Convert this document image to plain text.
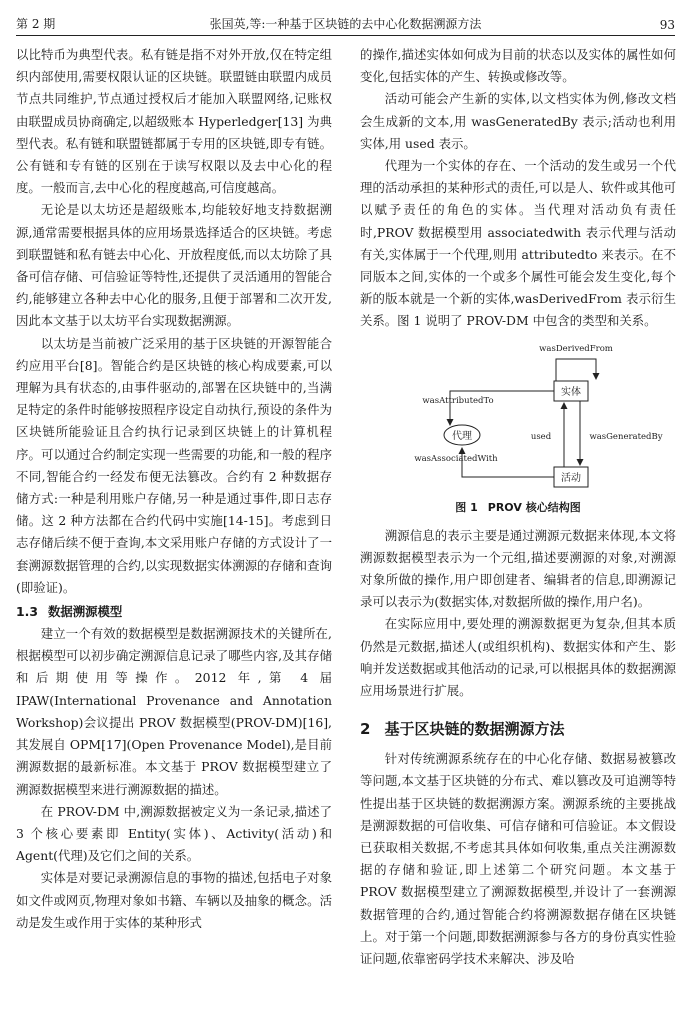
第 2 期	张国英,等:一种基于区块链的去中心化数据溯源方法	93

以比特币为典型代表。私有链是指不对外开放,仅在特定组织内部使用,需要权限认证的区块链。联盟链由联盟内成员节点共同维护,节点通过授权后才能加入联盟网络,记账权由联盟成员协商确定,以超级账本 Hyperledger[13] 为典型代表。私有链和联盟链都属于专用的区块链,即专有链。公有链和专有链的区别在于读写权限以及去中心化的程度。一般而言,去中心化的程度越高,可信度越高。

无论是以太坊还是超级账本,均能较好地支持数据溯源,通常需要根据具体的应用场景选择适合的区块链。考虑到联盟链和私有链去中心化、开放程度低,而以太坊除了具备可信存储、可信验证等特性,还提供了灵活通用的智能合约,能够建立各种去中心化的服务,且便于部署和二次开发,因此本文基于以太坊平台实现数据溯源。

以太坊是当前被广泛采用的基于区块链的开源智能合约应用平台[8]。智能合约是区块链的核心构成要素,可以理解为具有状态的,由事件驱动的,部署在区块链中的,当满足特定的条件时能够按照程序设定自动执行,预设的条件为区块链所能验证且合约执行记录到区块链上的计算机程序。可以通过合约制定实现一些需要的功能,和一般的程序不同,智能合约一经发布便无法篡改。合约有 2 种数据存储方式:一种是利用账户存储,另一种是通过事件,即日志存储。这 2 种方法都在合约代码中实施[14-15]。考虑到日志存储后续不便于查询,本文采用账户存储的方式设计了一套溯源数据管理的合约,以实现数据实体溯源的存储和查询(即验证)。

1.3 数据溯源模型

建立一个有效的数据模型是数据溯源技术的关键所在,根据模型可以初步确定溯源信息记录了哪些内容,及其存储和后期使用等操作。2012 年,第 4 届 IPAW(International Provenance and Annotation Workshop)会议提出 PROV 数据模型(PROV-DM)[16],其发展自 OPM[17](Open Provenance Model),是目前溯源数据的最新标准。本文基于 PROV 数据模型建立了溯源数据模型来进行溯源数据的描述。

在 PROV-DM 中,溯源数据被定义为一条记录,描述了 3 个核心要素即 Entity(实体)、Activity(活动)和 Agent(代理)及它们之间的关系。

实体是对要记录溯源信息的事物的描述,包括电子对象如文件或网页,物理对象如书籍、车辆以及抽象的概念。活动是发生或作用于实体的某种形式

的操作,描述实体如何成为目前的状态以及实体的属性如何变化,包括实体的产生、转换或修改等。

活动可能会产生新的实体,以文档实体为例,修改文档会生成新的文本,用 wasGeneratedBy 表示;活动也利用实体,用 used 表示。

代理为一个实体的存在、一个活动的发生或另一个代理的活动承担的某种形式的责任,可以是人、软件或其他可以赋予责任的角色的实体。当代理对活动负有责任时,PROV 数据模型用 associatedwith 表示代理与活动有关,实体属于一个代理,则用 attributedto 来表示。在不同版本之间,实体的一个或多个属性可能会发生变化,每个新的版本就是一个新的实体,wasDerivedFrom 表示衍生关系。图 1 说明了 PROV-DM 中包含的类型和关系。

wasDerivedFrom
实体
wasAttributedTo
代理
活动
wasAssociatedWith
used	wasGeneratedBy
图 1 PROV 核心结构图

溯源信息的表示主要是通过溯源元数据来体现,本文将溯源数据模型表示为一个元组,描述要溯源的对象,对溯源对象所做的操作,用户即创建者、编辑者的信息,即溯源记录可以表示为(数据实体,对数据所做的操作,用户名)。

在实际应用中,要处理的溯源数据更为复杂,但其本质仍然是元数据,描述人(或组织机构)、数据实体和产生、影响并发送数据或其他活动的记录,可以根据具体的数据溯源应用场景进行扩展。

2 基于区块链的数据溯源方法

针对传统溯源系统存在的中心化存储、数据易被篡改等问题,本文基于区块链的分布式、难以篡改及可追溯等特性提出基于区块链的数据溯源方案。溯源系统的主要挑战是溯源数据的可信收集、可信存储和可信验证。本文假设已获取相关数据,不考虑其具体如何收集,重点关注溯源数据的存储和验证,即上述第二个研究问题。本文基于 PROV 数据模型建立了溯源数据模型,并设计了一套溯源数据管理的合约,通过智能合约将溯源数据存储在区块链上。对于第一个问题,即数据溯源参与各方的身份真实性验证问题,依靠密码学技术来解决、涉及哈
